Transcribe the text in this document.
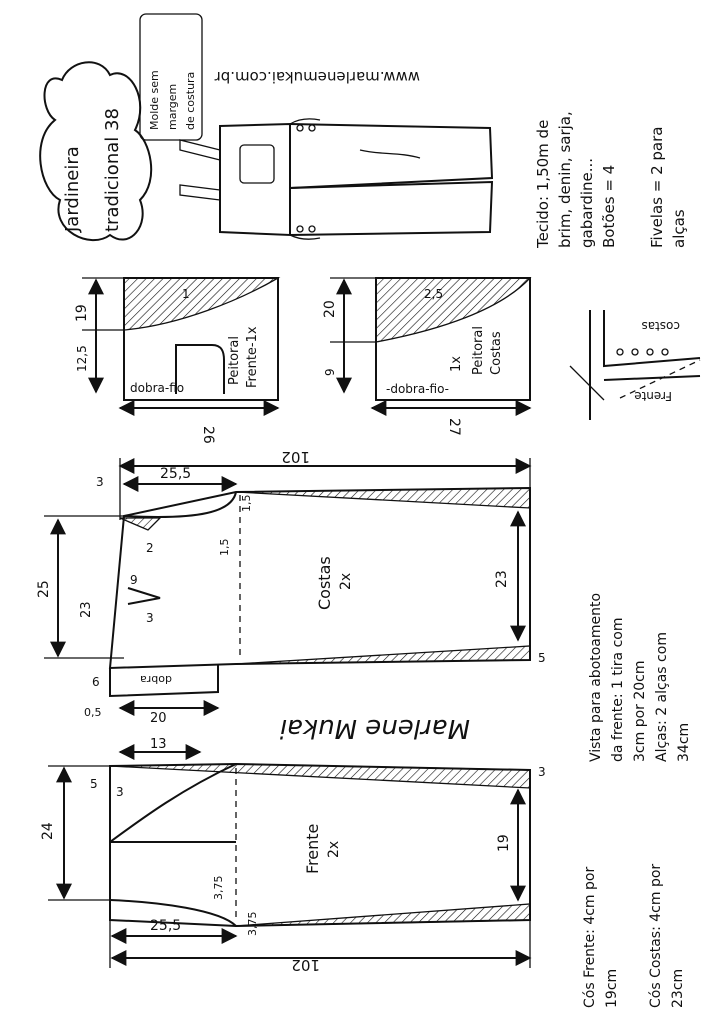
Jardineira tradicional 38
Molde sem margem de costura www.marlenemukai.com.br
Tecido: 1,50m de brim, denin, sarja, gabardine... Botões = 4 Fivelas = 2 para alças
Peitoral Frente-1x
dobra-fio
19
12,5
26
1
1x Peitoral Costas
-dobra-fio-
20
9
27
2,5
costas
Frente
Costas 2x
102
25,5
23
25
23
3
1,5
1,5
2
9
3
5
6
0,5	20
dobra
Marlene Mukai	Vista para abotoamento da frente: 1 tira com 3cm por 20cm Alças: 2 alças com 34cm
Frente 2x
102
25,5
19
24
13
5
3
3
3,75
3,75	Cós Frente: 4cm por 19cm Cós Costas: 4cm por 23cm
